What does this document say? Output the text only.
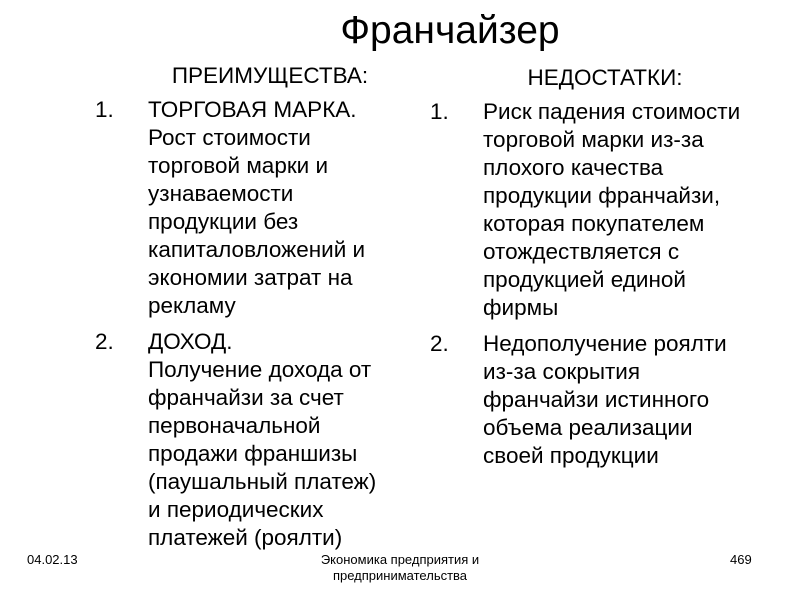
Франчайзер
ПРЕИМУЩЕСТВА:
1. ТОРГОВАЯ МАРКА.
Рост стоимости
торговой марки и
узнаваемости
продукции без
капиталовложений и
экономии затрат на
рекламу
2. ДОХОД.
Получение дохода от
франчайзи за счет
первоначальной
продажи франшизы
(паушальный платеж)
и периодических
платежей (роялти)
НЕДОСТАТКИ:
1. Риск падения стоимости
торговой марки из-за
плохого качества
продукции франчайзи,
которая покупателем
отождествляется с
продукцией единой
фирмы
2. Недополучение роялти
из-за сокрытия
франчайзи истинного
объема реализации
своей продукции
04.02.13	Экономика предприятия и
предпринимательства
469
